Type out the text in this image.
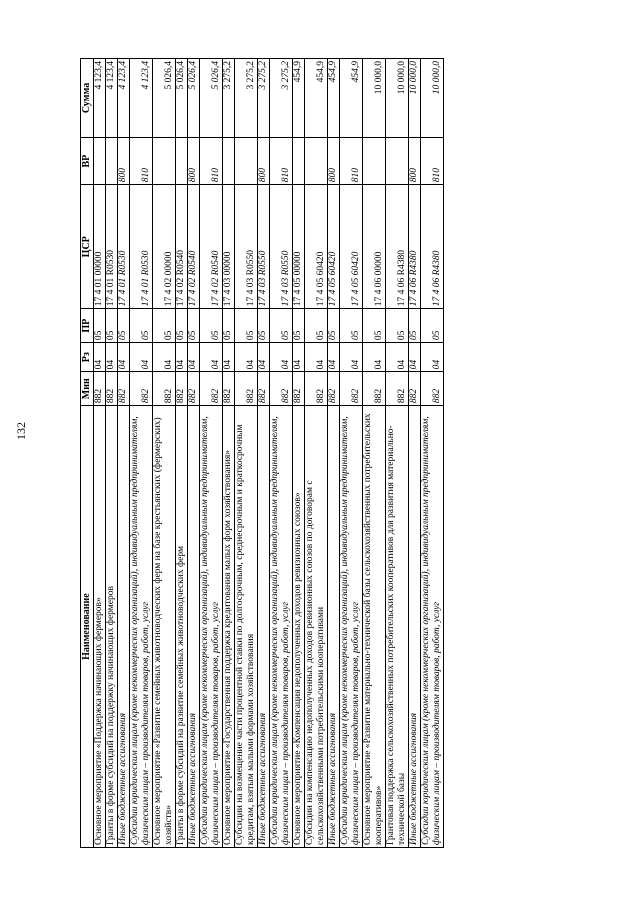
132
Наименование	Мин	Рз	ПР	ЦСР	ВР	Сумма
Основное мероприятие «Поддержка начинающих фермеров»	882	04	05	17 4 01 00000		4 123,4
Гранты в форме субсидий на поддержку начинающих фермеров	882	04	05	17 4 01 R0530		4 123,4
Иные бюджетные ассигнования	882	04	05	17 4 01 R0530	800	4 123,4
Субсидии юридическим лицам (кроме некоммерческих организаций), индивидуальным предпринимателям, физическим лицам – производителям товаров, работ, услуг	882	04	05	17 4 01 R0530	810	4 123,4
Основное мероприятие «Развитие семейных животноводческих ферм на базе крестьянских (фермерских) хозяйств»	882	04	05	17 4 02 00000		5 026,4
Гранты в форме субсидий на развитие семейных животноводческих ферм	882	04	05	17 4 02 R0540		5 026,4
Иные бюджетные ассигнования	882	04	05	17 4 02 R0540	800	5 026,4
Субсидии юридическим лицам (кроме некоммерческих организаций), индивидуальным предпринимателям, физическим лицам – производителям товаров, работ, услуг	882	04	05	17 4 02 R0540	810	5 026,4
Основное мероприятие «Государственная поддержка кредитования малых форм хозяйствования»	882	04	05	17 4 03 00000		3 275,2
Субсидии на возмещение части процентной ставки по долгосрочным, среднесрочным и краткосрочным кредитам, взятым малыми формами хозяйствования	882	04	05	17 4 03 R0550		3 275,2
Иные бюджетные ассигнования	882	04	05	17 4 03 R0550	800	3 275,2
Субсидии юридическим лицам (кроме некоммерческих организаций), индивидуальным предпринимателям, физическим лицам – производителям товаров, работ, услуг	882	04	05	17 4 03 R0550	810	3 275,2
Основное мероприятие «Компенсация недополученных доходов ревизионных союзов»	882	04	05	17 4 05 00000		454,9
Субсидии на компенсацию недополученных доходов ревизионных союзов по договорам с сельскохозяйственными потребительскими кооперативами	882	04	05	17 4 05 60420		454,9
Иные бюджетные ассигнования	882	04	05	17 4 05 60420	800	454,9
Субсидии юридическим лицам (кроме некоммерческих организаций), индивидуальным предпринимателям, физическим лицам – производителям товаров, работ, услуг	882	04	05	17 4 05 60420	810	454,9
Основное мероприятие «Развитие материально-технической базы сельскохозяйственных потребительских кооперативов»	882	04	05	17 4 06 00000		10 000,0
Грантовая поддержка сельскохозяйственных потребительских кооперативов для развития материально-технической базы	882	04	05	17 4 06 R4380		10 000,0
Иные бюджетные ассигнования	882	04	05	17 4 06 R4380	800	10 000,0
Субсидии юридическим лицам (кроме некоммерческих организаций), индивидуальным предпринимателям, физическим лицам – производителям товаров, работ, услуг	882	04	05	17 4 06 R4380	810	10 000,0
